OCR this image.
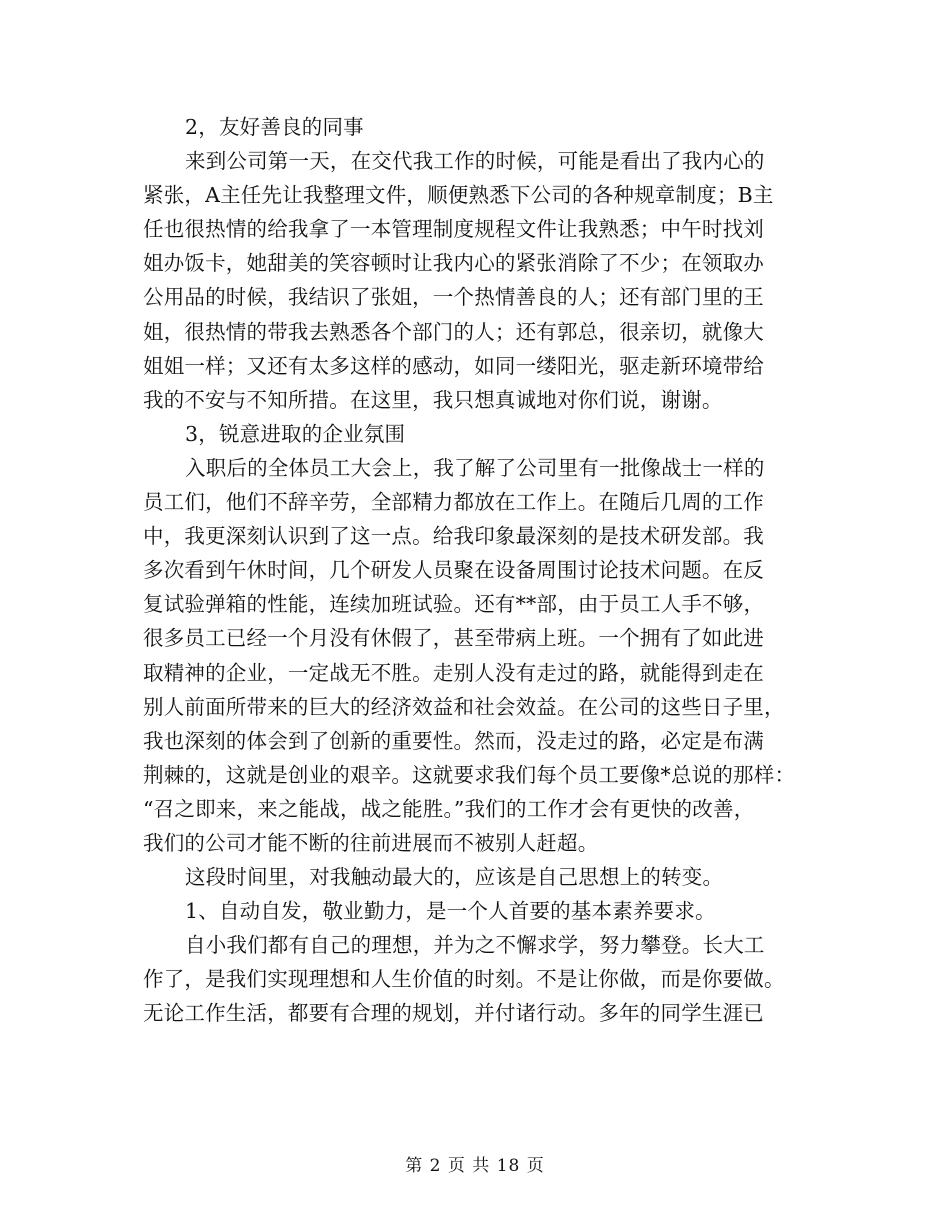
2，友好善良的同事
来到公司第一天，在交代我工作的时候，可能是看出了我内心的
紧张，A主任先让我整理文件，顺便熟悉下公司的各种规章制度；B主
任也很热情的给我拿了一本管理制度规程文件让我熟悉；中午时找刘
姐办饭卡，她甜美的笑容顿时让我内心的紧张消除了不少；在领取办
公用品的时候，我结识了张姐，一个热情善良的人；还有部门里的王
姐，很热情的带我去熟悉各个部门的人；还有郭总，很亲切，就像大
姐姐一样；又还有太多这样的感动，如同一缕阳光，驱走新环境带给
我的不安与不知所措。在这里，我只想真诚地对你们说，谢谢。
3，锐意进取的企业氛围
入职后的全体员工大会上，我了解了公司里有一批像战士一样的
员工们，他们不辞辛劳，全部精力都放在工作上。在随后几周的工作
中，我更深刻认识到了这一点。给我印象最深刻的是技术研发部。我
多次看到午休时间，几个研发人员聚在设备周围讨论技术问题。在反
复试验弹箱的性能，连续加班试验。还有**部，由于员工人手不够，
很多员工已经一个月没有休假了，甚至带病上班。一个拥有了如此进
取精神的企业，一定战无不胜。走别人没有走过的路，就能得到走在
别人前面所带来的巨大的经济效益和社会效益。在公司的这些日子里，
我也深刻的体会到了创新的重要性。然而，没走过的路，必定是布满
荆棘的，这就是创业的艰辛。这就要求我们每个员工要像*总说的那样：
“召之即来，来之能战，战之能胜。”我们的工作才会有更快的改善，
我们的公司才能不断的往前进展而不被别人赶超。
这段时间里，对我触动最大的，应该是自己思想上的转变。
1、自动自发，敬业勤力，是一个人首要的基本素养要求。
自小我们都有自己的理想，并为之不懈求学，努力攀登。长大工
作了，是我们实现理想和人生价值的时刻。不是让你做，而是你要做。
无论工作生活，都要有合理的规划，并付诸行动。多年的同学生涯已
第 2 页 共 18 页
